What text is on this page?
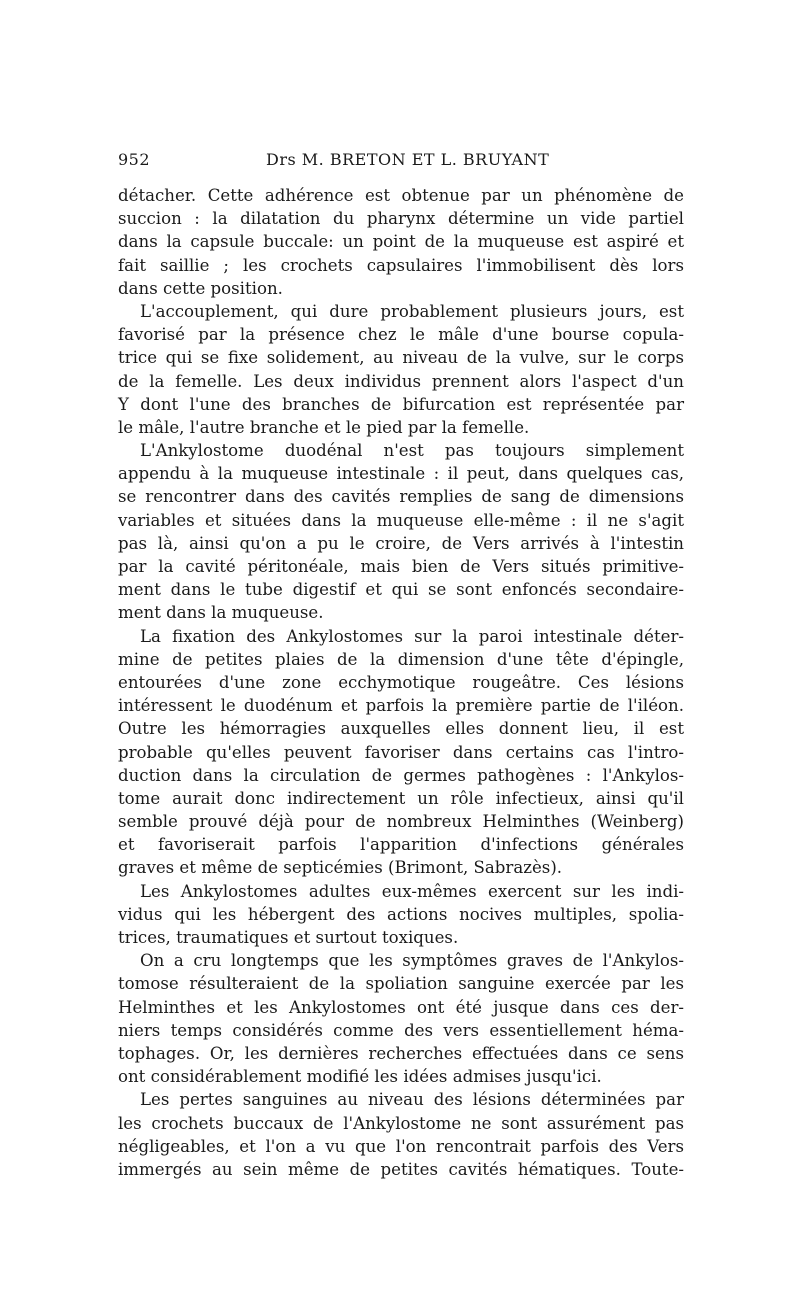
952	Drs M. BRETON ET L. BRUYANT
détacher. Cette adhérence est obtenue par un phénomène de
succion : la dilatation du pharynx détermine un vide partiel
dans la capsule buccale: un point de la muqueuse est aspiré et
fait saillie ; les crochets capsulaires l'immobilisent dès lors
dans cette position.
L'accouplement, qui dure probablement plusieurs jours, est
favorisé par la présence chez le mâle d'une bourse copula-
trice qui se fixe solidement, au niveau de la vulve, sur le corps
de la femelle. Les deux individus prennent alors l'aspect d'un
Y dont l'une des branches de bifurcation est représentée par
le mâle, l'autre branche et le pied par la femelle.
L'Ankylostome duodénal n'est pas toujours simplement
appendu à la muqueuse intestinale : il peut, dans quelques cas,
se rencontrer dans des cavités remplies de sang de dimensions
variables et situées dans la muqueuse elle-même : il ne s'agit
pas là, ainsi qu'on a pu le croire, de Vers arrivés à l'intestin
par la cavité péritonéale, mais bien de Vers situés primitive-
ment dans le tube digestif et qui se sont enfoncés secondaire-
ment dans la muqueuse.
La fixation des Ankylostomes sur la paroi intestinale déter-
mine de petites plaies de la dimension d'une tête d'épingle,
entourées d'une zone ecchymotique rougeâtre. Ces lésions
intéressent le duodénum et parfois la première partie de l'iléon.
Outre les hémorragies auxquelles elles donnent lieu, il est
probable qu'elles peuvent favoriser dans certains cas l'intro-
duction dans la circulation de germes pathogènes : l'Ankylos-
tome aurait donc indirectement un rôle infectieux, ainsi qu'il
semble prouvé déjà pour de nombreux Helminthes (Weinberg)
et favoriserait parfois l'apparition d'infections générales
graves et même de septicémies (Brimont, Sabrazès).
Les Ankylostomes adultes eux-mêmes exercent sur les indi-
vidus qui les hébergent des actions nocives multiples, spolia-
trices, traumatiques et surtout toxiques.
On a cru longtemps que les symptômes graves de l'Ankylos-
tomose résulteraient de la spoliation sanguine exercée par les
Helminthes et les Ankylostomes ont été jusque dans ces der-
niers temps considérés comme des vers essentiellement héma-
tophages. Or, les dernières recherches effectuées dans ce sens
ont considérablement modifié les idées admises jusqu'ici.
Les pertes sanguines au niveau des lésions déterminées par
les crochets buccaux de l'Ankylostome ne sont assurément pas
négligeables, et l'on a vu que l'on rencontrait parfois des Vers
immergés au sein même de petites cavités hématiques. Toute-
